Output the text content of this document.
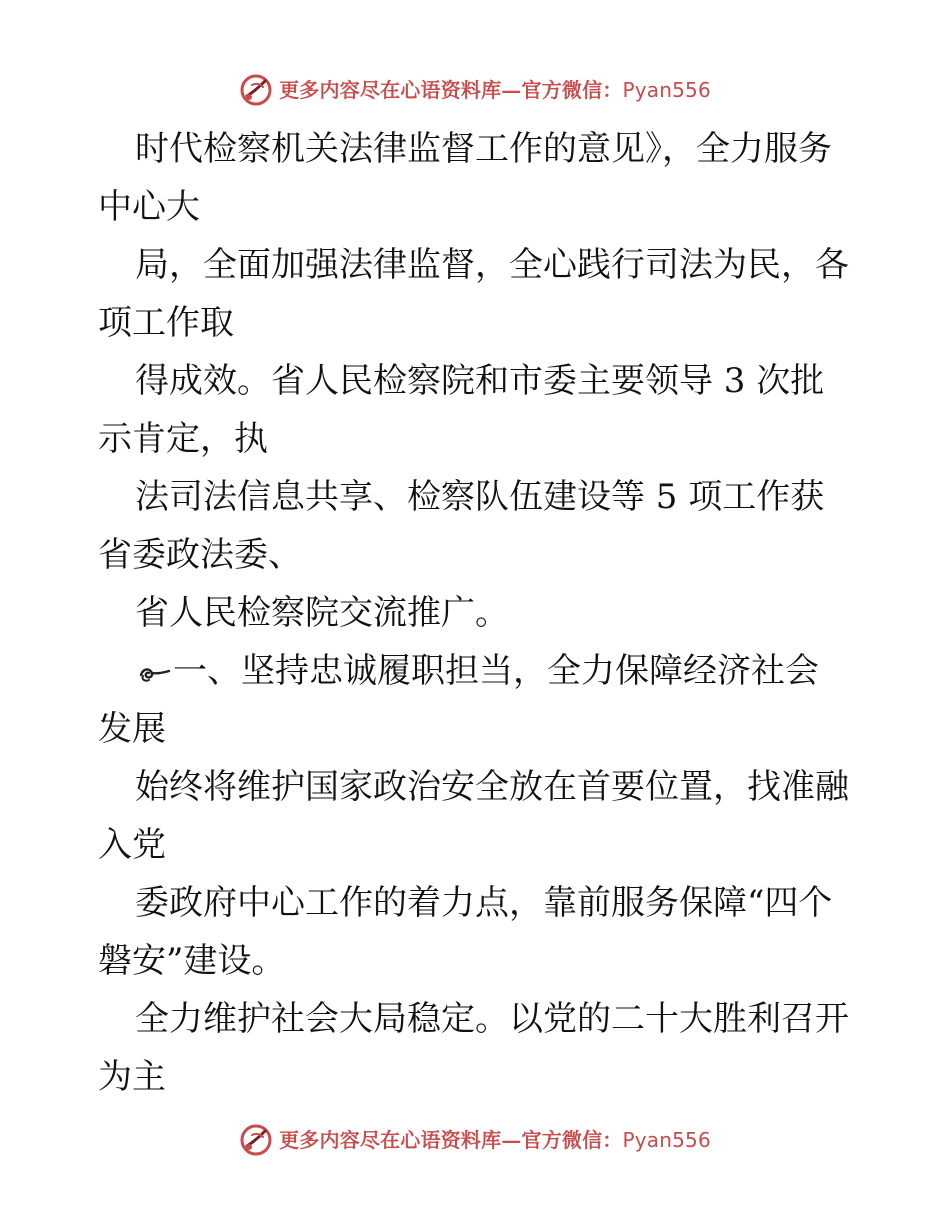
更多内容尽在心语资料库—官方微信：Pyan556
时代检察机关法律监督工作的意见》，全力服务
中心大
局，全面加强法律监督，全心践行司法为民，各
项工作取
得成效。省人民检察院和市委主要领导 3 次批
示肯定，执
法司法信息共享、检察队伍建设等 5 项工作获
省委政法委、
省人民检察院交流推广。
一、坚持忠诚履职担当，全力保障经济社会
发展
始终将维护国家政治安全放在首要位置，找准融
入党
委政府中心工作的着力点，靠前服务保障“四个
磐安”建设。
全力维护社会大局稳定。以党的二十大胜利召开
为主
更多内容尽在心语资料库—官方微信：Pyan556
